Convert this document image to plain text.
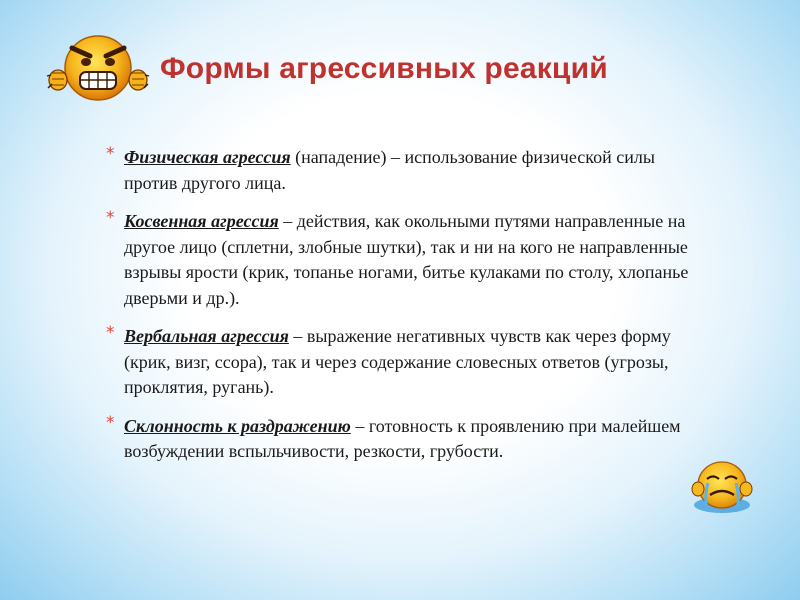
Формы агрессивных реакций
* Физическая агрессия (нападение) – использование физической силы против другого лица.
* Косвенная агрессия – действия, как окольными путями направленные на другое лицо (сплетни, злобные шутки), так и ни на кого не направленные взрывы ярости (крик, топанье ногами, битье кулаками по столу, хлопанье дверьми и др.).
* Вербальная агрессия – выражение негативных чувств как через форму (крик, визг, ссора), так и через содержание словесных ответов (угрозы, проклятия, ругань).
* Склонность к раздражению – готовность к проявлению при малейшем возбуждении вспыльчивости, резкости, грубости.
